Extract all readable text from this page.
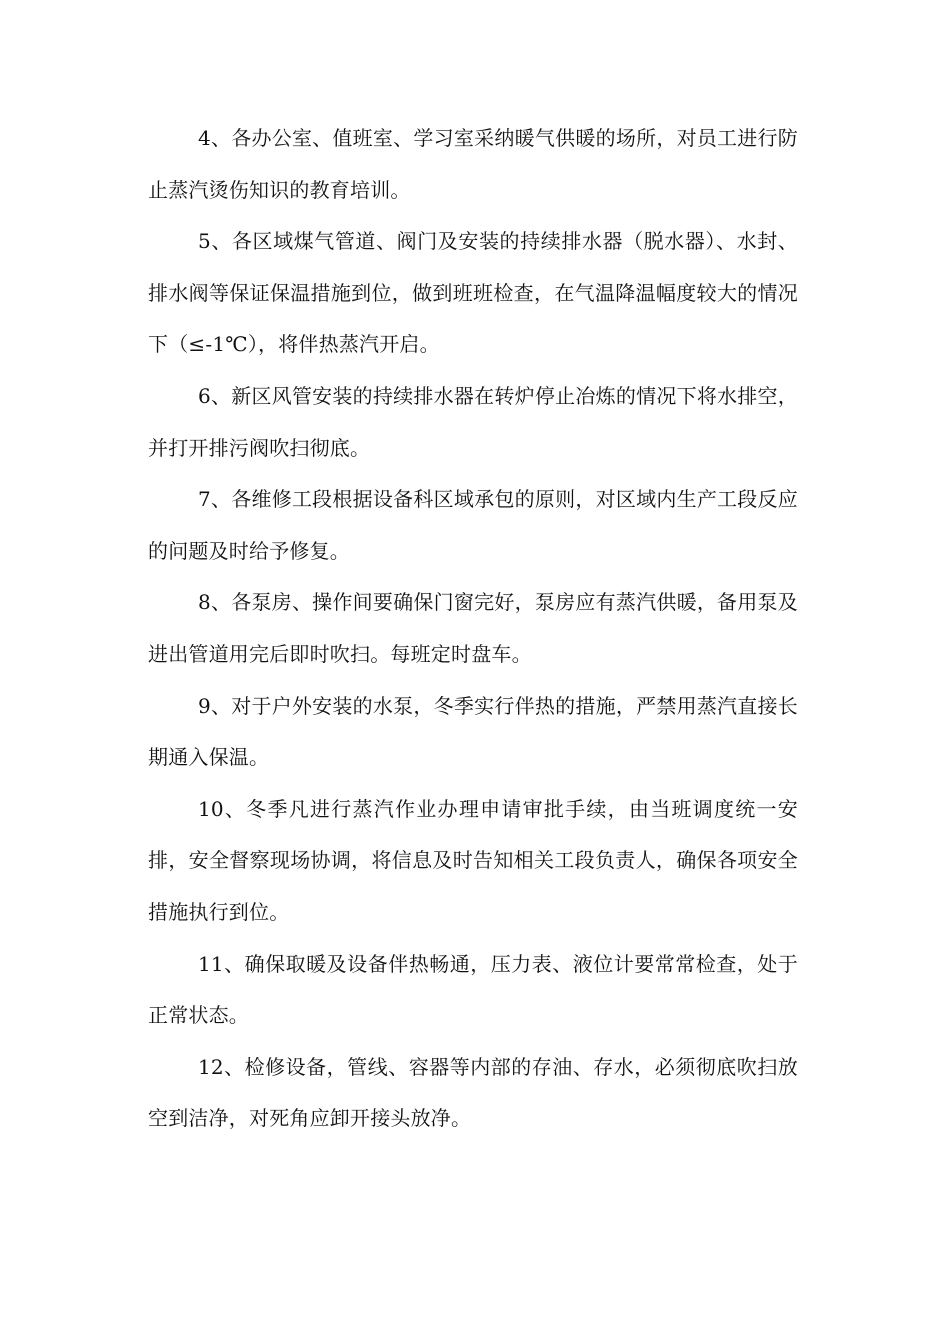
4、各办公室、值班室、学习室采纳暖气供暖的场所，对员工进行防止蒸汽烫伤知识的教育培训。

5、各区域煤气管道、阀门及安装的持续排水器（脱水器）、水封、排水阀等保证保温措施到位，做到班班检查，在气温降温幅度较大的情况下（≤-1℃），将伴热蒸汽开启。

6、新区风管安装的持续排水器在转炉停止冶炼的情况下将水排空，并打开排污阀吹扫彻底。

7、各维修工段根据设备科区域承包的原则，对区域内生产工段反应的问题及时给予修复。

8、各泵房、操作间要确保门窗完好，泵房应有蒸汽供暖，备用泵及进出管道用完后即时吹扫。每班定时盘车。

9、对于户外安装的水泵，冬季实行伴热的措施，严禁用蒸汽直接长期通入保温。

10、冬季凡进行蒸汽作业办理申请审批手续，由当班调度统一安排，安全督察现场协调，将信息及时告知相关工段负责人，确保各项安全措施执行到位。

11、确保取暖及设备伴热畅通，压力表、液位计要常常检查，处于正常状态。

12、检修设备，管线、容器等内部的存油、存水，必须彻底吹扫放空到洁净，对死角应卸开接头放净。
